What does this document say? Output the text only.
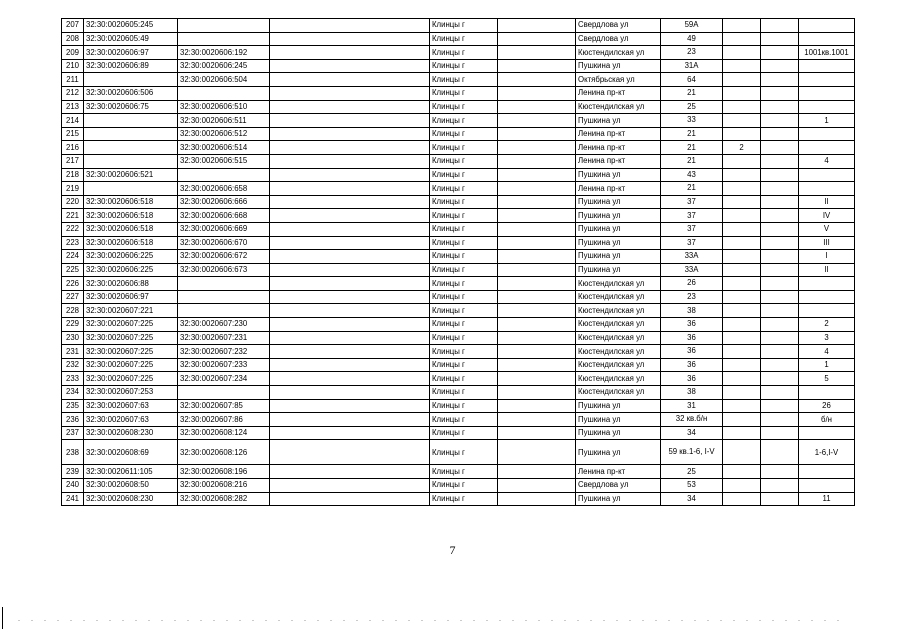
207	32:30:0020605:245			Клинцы г		Свердлова ул	59А			
208	32:30:0020605:49			Клинцы г		Свердлова ул	49			
209	32:30:0020606:97	32:30:0020606:192		Клинцы г		Кюстендилская ул	23			1001кв.1001
210	32:30:0020606:89	32:30:0020606:245		Клинцы г		Пушкина ул	31А			
211		32:30:0020606:504		Клинцы г		Октябрьская ул	64			
212	32:30:0020606:506			Клинцы г		Ленина пр-кт	21			
213	32:30:0020606:75	32:30:0020606:510		Клинцы г		Кюстендилская ул	25			
214		32:30:0020606:511		Клинцы г		Пушкина ул	33			1
215		32:30:0020606:512		Клинцы г		Ленина пр-кт	21			
216		32:30:0020606:514		Клинцы г		Ленина пр-кт	21	2		
217		32:30:0020606:515		Клинцы г		Ленина пр-кт	21			4
218	32:30:0020606:521			Клинцы г		Пушкина ул	43			
219		32:30:0020606:658		Клинцы г		Ленина пр-кт	21			
220	32:30:0020606:518	32:30:0020606:666		Клинцы г		Пушкина ул	37			II
221	32:30:0020606:518	32:30:0020606:668		Клинцы г		Пушкина ул	37			IV
222	32:30:0020606:518	32:30:0020606:669		Клинцы г		Пушкина ул	37			V
223	32:30:0020606:518	32:30:0020606:670		Клинцы г		Пушкина ул	37			III
224	32:30:0020606:225	32:30:0020606:672		Клинцы г		Пушкина ул	33А			I
225	32:30:0020606:225	32:30:0020606:673		Клинцы г		Пушкина ул	33А			II
226	32:30:0020606:88			Клинцы г		Кюстендилская ул	26			
227	32:30:0020606:97			Клинцы г		Кюстендилская ул	23			
228	32:30:0020607:221			Клинцы г		Кюстендилская ул	38			
229	32:30:0020607:225	32:30:0020607:230		Клинцы г		Кюстендилская ул	36			2
230	32:30:0020607:225	32:30:0020607:231		Клинцы г		Кюстендилская ул	36			3
231	32:30:0020607:225	32:30:0020607:232		Клинцы г		Кюстендилская ул	36			4
232	32:30:0020607:225	32:30:0020607:233		Клинцы г		Кюстендилская ул	36			1
233	32:30:0020607:225	32:30:0020607:234		Клинцы г		Кюстендилская ул	36			5
234	32:30:0020607:253			Клинцы г		Кюстендилская ул	38			
235	32:30:0020607:63	32:30:0020607:85		Клинцы г		Пушкина ул	31			26
236	32:30:0020607:63	32:30:0020607:86		Клинцы г		Пушкина ул	32 кв.б/н			б/н
237	32:30:0020608:230	32:30:0020608:124		Клинцы г		Пушкина ул	34			
238	32:30:0020608:69	32:30:0020608:126		Клинцы г		Пушкина ул	59 кв.1-6, I-V			1-6,I-V
239	32:30:0020611:105	32:30:0020608:196		Клинцы г		Ленина пр-кт	25			
240	32:30:0020608:50	32:30:0020608:216		Клинцы г		Свердлова ул	53			
241	32:30:0020608:230	32:30:0020608:282		Клинцы г		Пушкина ул	34			11
7
